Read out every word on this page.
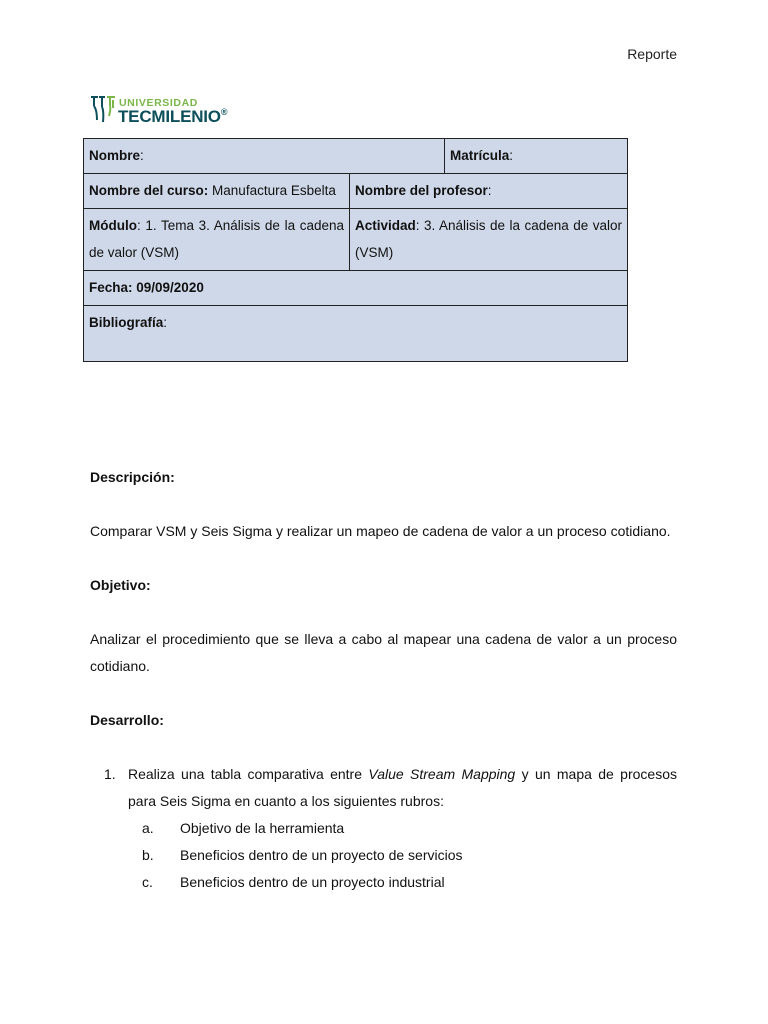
Reporte
UNIVERSIDAD
TECMILENIO®
Nombre:		Matrícula:
Nombre del curso: Manufactura Esbelta	Nombre del profesor:	
Módulo: 1. Tema 3. Análisis de la cadena de valor (VSM)	Actividad: 3. Análisis de la cadena de valor (VSM)	
Fecha: 09/09/2020		
Bibliografía:		
Descripción:

Comparar VSM y Seis Sigma y realizar un mapeo de cadena de valor a un proceso cotidiano.

Objetivo:

Analizar el procedimiento que se lleva a cabo al mapear una cadena de valor a un proceso cotidiano.

Desarrollo:
1. Realiza una tabla comparativa entre Value Stream Mapping y un mapa de procesos para Seis Sigma en cuanto a los siguientes rubros:
a. Objetivo de la herramienta
b. Beneficios dentro de un proyecto de servicios
c. Beneficios dentro de un proyecto industrial
